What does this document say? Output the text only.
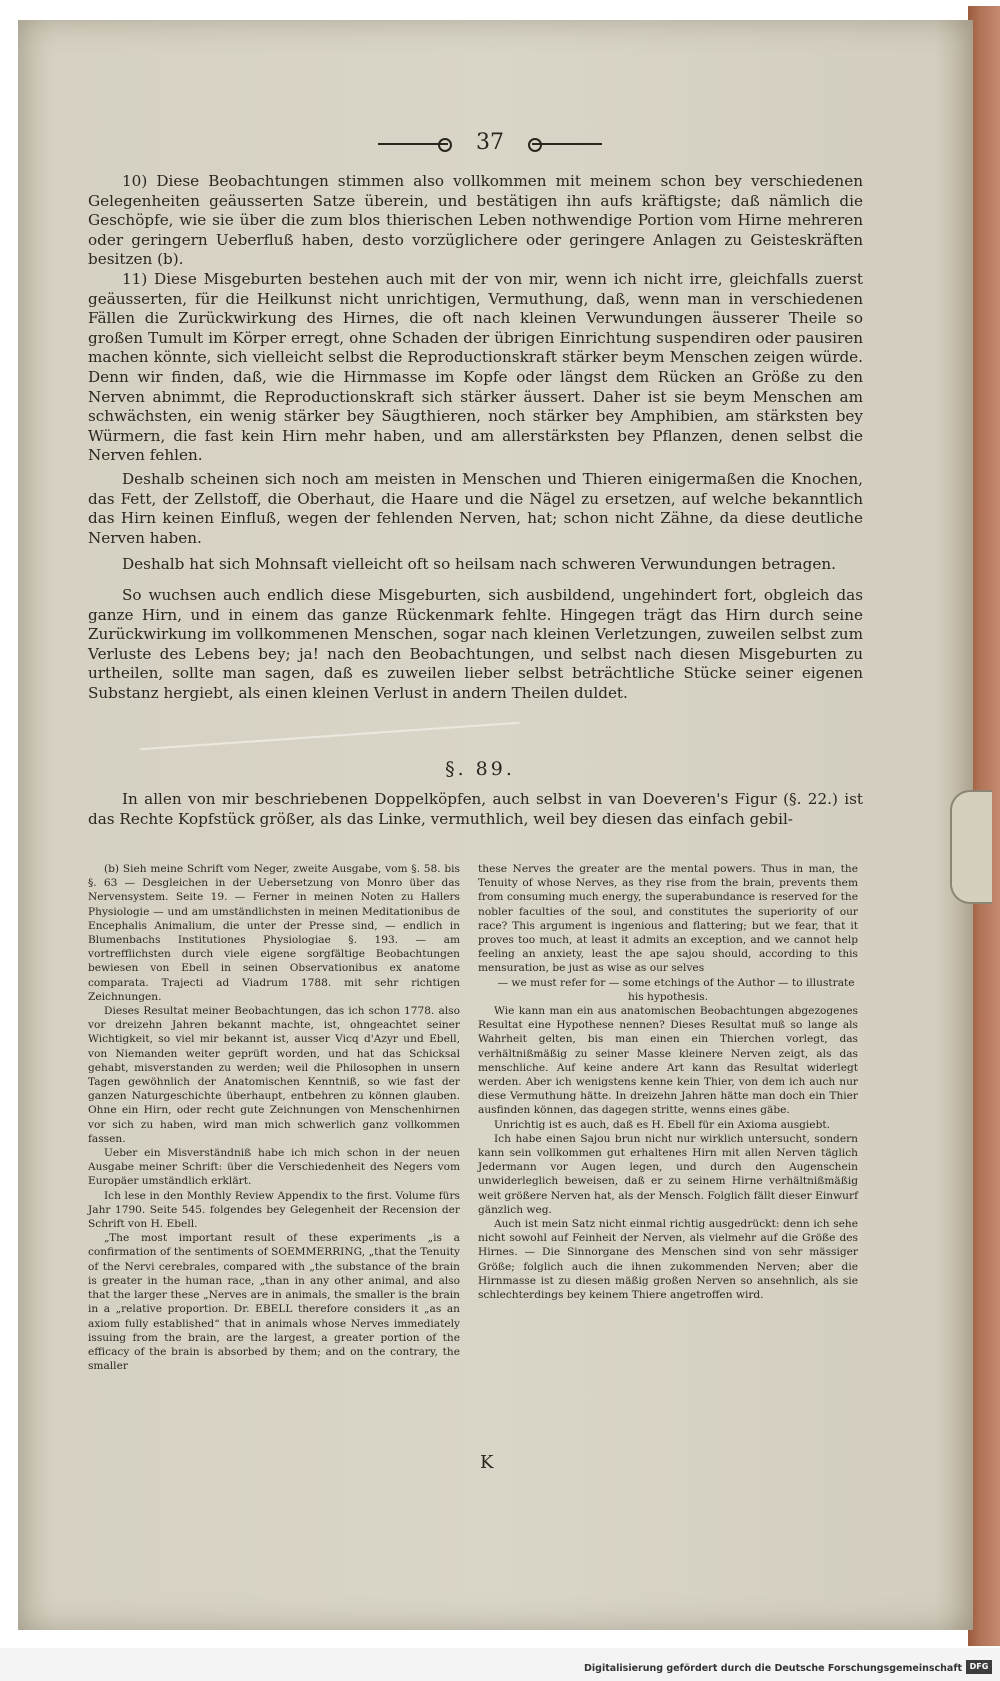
37

10) Diese Beobachtungen stimmen also vollkommen mit meinem schon bey verschiedenen Gelegenheiten geäusserten Satze überein, und bestätigen ihn aufs kräftigste; daß nämlich die Geschöpfe, wie sie über die zum blos thierischen Leben nothwendige Portion vom Hirne mehreren oder geringern Ueberfluß haben, desto vorzüglichere oder geringere Anlagen zu Geisteskräften besitzen (b).

11) Diese Misgeburten bestehen auch mit der von mir, wenn ich nicht irre, gleichfalls zuerst geäusserten, für die Heilkunst nicht unrichtigen, Vermuthung, daß, wenn man in verschiedenen Fällen die Zurückwirkung des Hirnes, die oft nach kleinen Verwundungen äusserer Theile so großen Tumult im Körper erregt, ohne Schaden der übrigen Einrichtung suspendiren oder pausiren machen könnte, sich vielleicht selbst die Reproductionskraft stärker beym Menschen zeigen würde. Denn wir finden, daß, wie die Hirnmasse im Kopfe oder längst dem Rücken an Größe zu den Nerven abnimmt, die Reproductionskraft sich stärker äussert. Daher ist sie beym Menschen am schwächsten, ein wenig stärker bey Säugthieren, noch stärker bey Amphibien, am stärksten bey Würmern, die fast kein Hirn mehr haben, und am allerstärksten bey Pflanzen, denen selbst die Nerven fehlen.

Deshalb scheinen sich noch am meisten in Menschen und Thieren einigermaßen die Knochen, das Fett, der Zellstoff, die Oberhaut, die Haare und die Nägel zu ersetzen, auf welche bekanntlich das Hirn keinen Einfluß, wegen der fehlenden Nerven, hat; schon nicht Zähne, da diese deutliche Nerven haben.

Deshalb hat sich Mohnsaft vielleicht oft so heilsam nach schweren Verwundungen betragen.

So wuchsen auch endlich diese Misgeburten, sich ausbildend, ungehindert fort, obgleich das ganze Hirn, und in einem das ganze Rückenmark fehlte. Hingegen trägt das Hirn durch seine Zurückwirkung im vollkommenen Menschen, sogar nach kleinen Verletzungen, zuweilen selbst zum Verluste des Lebens bey; ja! nach den Beobachtungen, und selbst nach diesen Misgeburten zu urtheilen, sollte man sagen, daß es zuweilen lieber selbst beträchtliche Stücke seiner eigenen Substanz hergiebt, als einen kleinen Verlust in andern Theilen duldet.

§. 89.

In allen von mir beschriebenen Doppelköpfen, auch selbst in van Doeveren's Figur (§. 22.) ist das Rechte Kopfstück größer, als das Linke, vermuthlich, weil bey diesen das einfach gebil-

(b) Sieh meine Schrift vom Neger, zweite Ausgabe, vom §. 58. bis §. 63 — Desgleichen in der Uebersetzung von Monro über das Nervensystem. Seite 19. — Ferner in meinen Noten zu Hallers Physiologie — und am umständlichsten in meinen Meditationibus de Encephalis Animalium, die unter der Presse sind, — endlich in Blumenbachs Institutiones Physiologiae §. 193. — am vortrefflichsten durch viele eigene sorgfältige Beobachtungen bewiesen von Ebell in seinen Observationibus ex anatome comparata. Trajecti ad Viadrum 1788. mit sehr richtigen Zeichnungen.

Dieses Resultat meiner Beobachtungen, das ich schon 1778. also vor dreizehn Jahren bekannt machte, ist, ohngeachtet seiner Wichtigkeit, so viel mir bekannt ist, ausser Vicq d'Azyr und Ebell, von Niemanden weiter geprüft worden, und hat das Schicksal gehabt, misverstanden zu werden; weil die Philosophen in unsern Tagen gewöhnlich der Anatomischen Kenntniß, so wie fast der ganzen Naturgeschichte überhaupt, entbehren zu können glauben. Ohne ein Hirn, oder recht gute Zeichnungen von Menschenhirnen vor sich zu haben, wird man mich schwerlich ganz vollkommen fassen.

Ueber ein Misverständniß habe ich mich schon in der neuen Ausgabe meiner Schrift: über die Verschiedenheit des Negers vom Europäer umständlich erklärt.

Ich lese in den Monthly Review Appendix to the first. Volume fürs Jahr 1790. Seite 545. folgendes bey Gelegenheit der Recension der Schrift von H. Ebell.

„The most important result of these experiments „is a confirmation of the sentiments of SOEMMERRING, „that the Tenuity of the Nervi cerebrales, compared with „the substance of the brain is greater in the human race, „than in any other animal, and also that the larger these „Nerves are in animals, the smaller is the brain in a „relative proportion. Dr. EBELL therefore considers it „as an axiom fully established“ that in animals whose Nerves immediately issuing from the brain, are the largest, a greater portion of the efficacy of the brain is absorbed by them; and on the contrary, the smaller

these Nerves the greater are the mental powers. Thus in man, the Tenuity of whose Nerves, as they rise from the brain, prevents them from consuming much energy, the superabundance is reserved for the nobler faculties of the soul, and constitutes the superiority of our race? This argument is ingenious and flattering; but we fear, that it proves too much, at least it admits an exception, and we cannot help feeling an anxiety, least the ape sajou should, according to this mensuration, be just as wise as our selves

— we must refer for — some etchings of the Author — to illustrate his hypothesis.

Wie kann man ein aus anatomischen Beobachtungen abgezogenes Resultat eine Hypothese nennen? Dieses Resultat muß so lange als Wahrheit gelten, bis man einen ein Thierchen vorlegt, das verhältnißmäßig zu seiner Masse kleinere Nerven zeigt, als das menschliche. Auf keine andere Art kann das Resultat widerlegt werden. Aber ich wenigstens kenne kein Thier, von dem ich auch nur diese Vermuthung hätte. In dreizehn Jahren hätte man doch ein Thier ausfinden können, das dagegen stritte, wenns eines gäbe.

Unrichtig ist es auch, daß es H. Ebell für ein Axioma ausgiebt.

Ich habe einen Sajou brun nicht nur wirklich untersucht, sondern kann sein vollkommen gut erhaltenes Hirn mit allen Nerven täglich Jedermann vor Augen legen, und durch den Augenschein unwiderleglich beweisen, daß er zu seinem Hirne verhältnißmäßig weit größere Nerven hat, als der Mensch. Folglich fällt dieser Einwurf gänzlich weg.

Auch ist mein Satz nicht einmal richtig ausgedrückt: denn ich sehe nicht sowohl auf Feinheit der Nerven, als vielmehr auf die Größe des Hirnes. — Die Sinnorgane des Menschen sind von sehr mässiger Größe; folglich auch die ihnen zukommenden Nerven; aber die Hirnmasse ist zu diesen mäßig großen Nerven so ansehnlich, als sie schlechterdings bey keinem Thiere angetroffen wird.

K
Digitalisierung gefördert durch die Deutsche Forschungsgemeinschaft DFG
